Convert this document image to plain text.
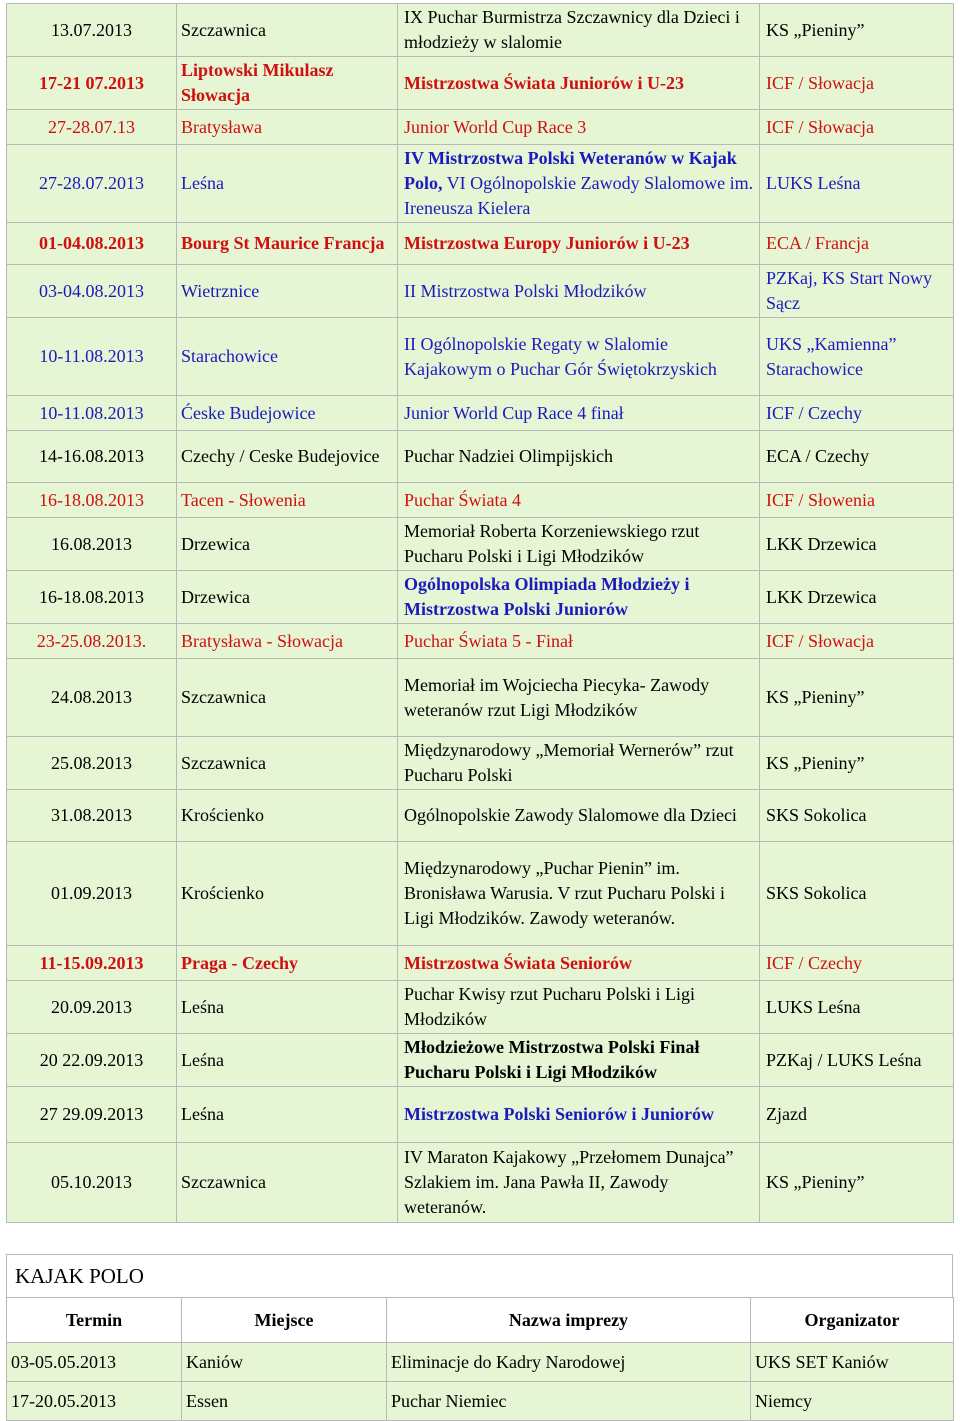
13.07.2013	Szczawnica	IX Puchar Burmistrza Szczawnicy dla Dzieci i młodzieży w slalomie	KS „Pieniny”
17-21 07.2013	Liptowski Mikulasz Słowacja	Mistrzostwa Świata Juniorów i U-23	ICF / Słowacja
27-28.07.13	Bratysława	Junior World Cup Race 3	ICF / Słowacja
27-28.07.2013	Leśna	IV Mistrzostwa Polski Weteranów w Kajak Polo, VI Ogólnopolskie Zawody Slalomowe im. Ireneusza Kielera	LUKS Leśna
01-04.08.2013	Bourg St Maurice Francja	Mistrzostwa Europy Juniorów i U-23	ECA / Francja
03-04.08.2013	Wietrznice	II Mistrzostwa Polski Młodzików	PZKaj, KS Start Nowy Sącz
10-11.08.2013	Starachowice	II Ogólnopolskie Regaty w Slalomie Kajakowym o Puchar Gór Świętokrzyskich	UKS „Kamienna” Starachowice
10-11.08.2013	Ćeske Budejowice	Junior World Cup Race 4 finał	ICF / Czechy
14-16.08.2013	Czechy / Ceske Budejovice	Puchar Nadziei Olimpijskich	ECA / Czechy
16-18.08.2013	Tacen - Słowenia	Puchar Świata 4	ICF / Słowenia
16.08.2013	Drzewica	Memoriał Roberta Korzeniewskiego rzut Pucharu Polski i Ligi Młodzików	LKK Drzewica
16-18.08.2013	Drzewica	Ogólnopolska Olimpiada Młodzieży i Mistrzostwa Polski Juniorów	LKK Drzewica
23-25.08.2013.	Bratysława - Słowacja	Puchar Świata 5 - Finał	ICF / Słowacja
24.08.2013	Szczawnica	Memoriał im Wojciecha Piecyka- Zawody weteranów rzut Ligi Młodzików	KS „Pieniny”
25.08.2013	Szczawnica	Międzynarodowy „Memoriał Wernerów” rzut Pucharu Polski	KS „Pieniny”
31.08.2013	Krościenko	Ogólnopolskie Zawody Slalomowe dla Dzieci	SKS Sokolica
01.09.2013	Krościenko	Międzynarodowy „Puchar Pienin” im. Bronisława Warusia. V rzut Pucharu Polski i Ligi Młodzików. Zawody weteranów.	SKS Sokolica
11-15.09.2013	Praga - Czechy	Mistrzostwa Świata Seniorów	ICF / Czechy
20.09.2013	Leśna	Puchar Kwisy rzut Pucharu Polski i Ligi Młodzików	LUKS Leśna
20 22.09.2013	Leśna	Młodzieżowe Mistrzostwa Polski Finał Pucharu Polski i Ligi Młodzików	PZKaj / LUKS Leśna
27 29.09.2013	Leśna	Mistrzostwa Polski Seniorów i Juniorów	Zjazd
05.10.2013	Szczawnica	IV Maraton Kajakowy „Przełomem Dunajca” Szlakiem im. Jana Pawła II, Zawody weteranów.	KS „Pieniny”
KAJAK POLO
Termin	Miejsce	Nazwa imprezy	Organizator
03-05.05.2013	Kaniów	Eliminacje do Kadry Narodowej	UKS SET Kaniów
17-20.05.2013	Essen	Puchar Niemiec	Niemcy
